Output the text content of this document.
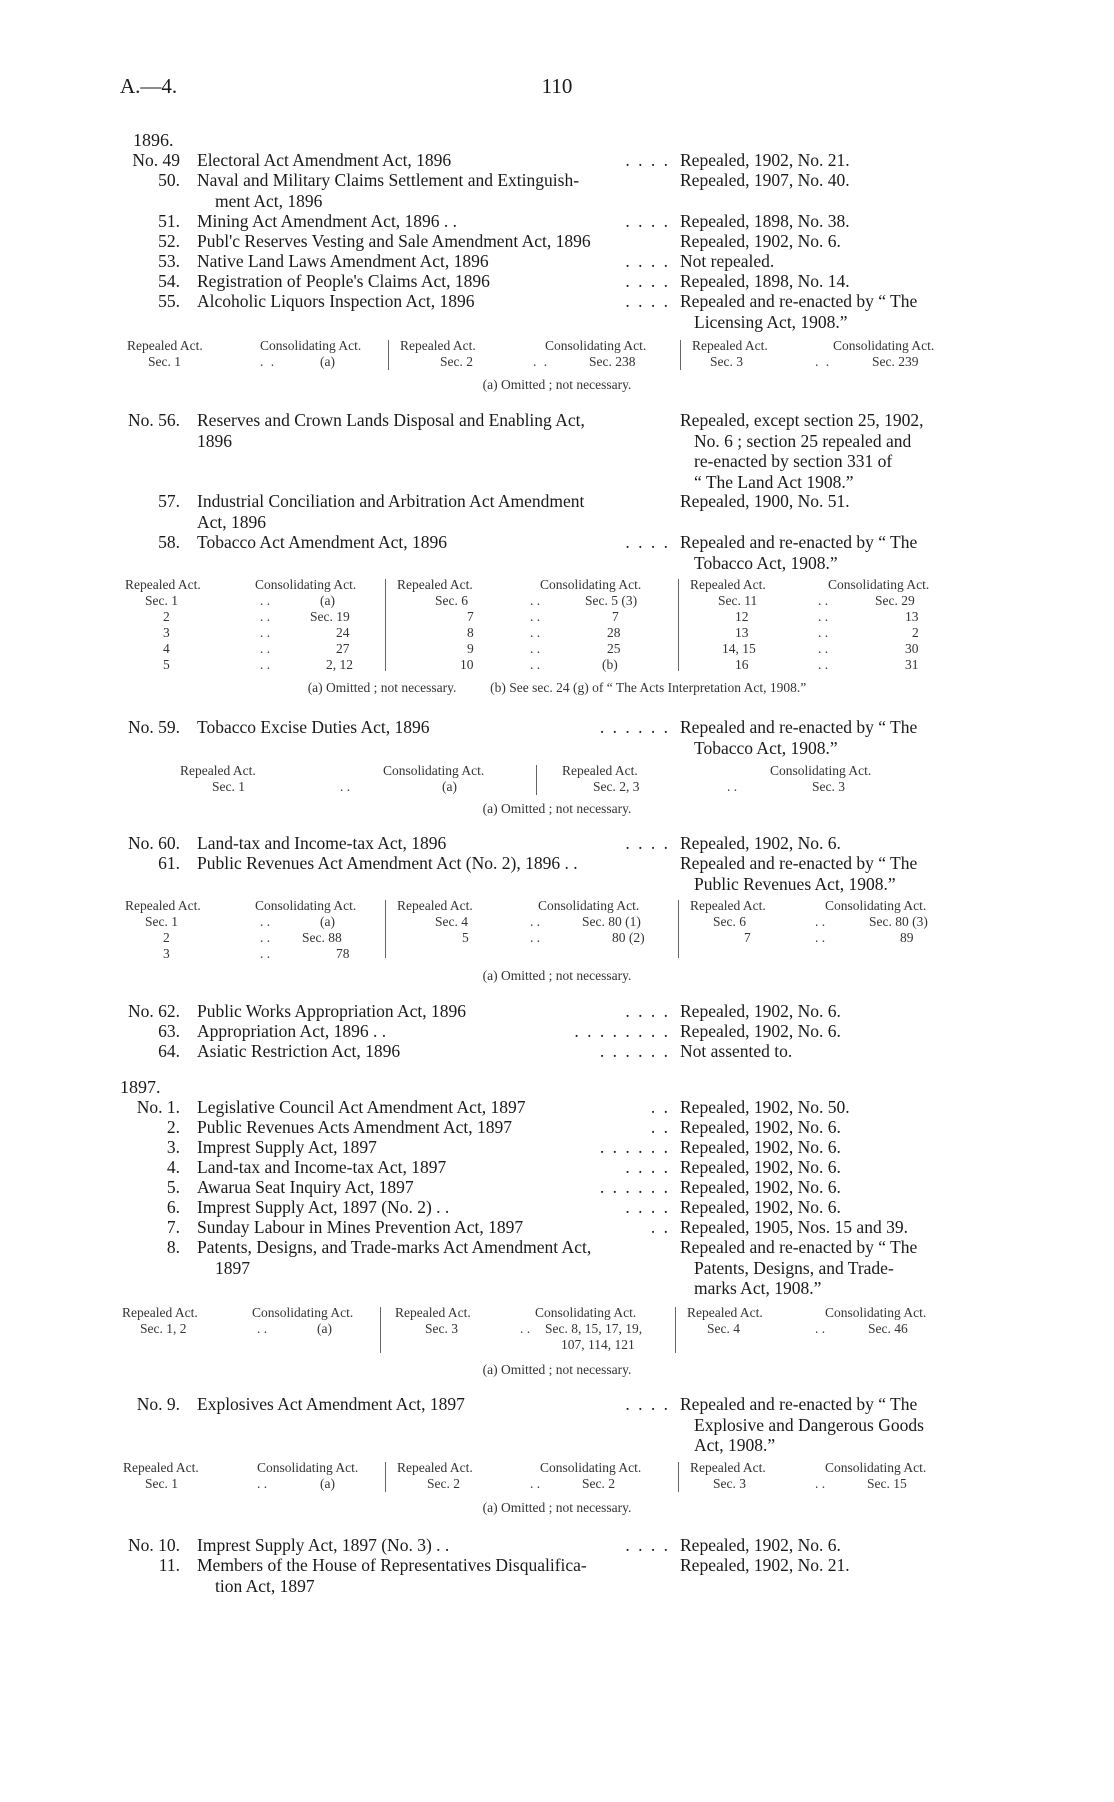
A.—4.	110
1896.
No. 49 Electoral Act Amendment Act, 1896	. . . . Repealed, 1902, No. 21.
50. Naval and Military Claims Settlement and Extinguish-
ment Act, 1896
Repealed, 1907, No. 40.
51. Mining Act Amendment Act, 1896 . .	. . . . Repealed, 1898, No. 38.
52. Publ'c Reserves Vesting and Sale Amendment Act, 1896	Repealed, 1902, No. 6.
53. Native Land Laws Amendment Act, 1896	. . . . Not repealed.
54. Registration of People's Claims Act, 1896	. . . . Repealed, 1898, No. 14.
55. Alcoholic Liquors Inspection Act, 1896	. . . . Repealed and re-enacted by “ The
Licensing Act, 1908.”
Repealed Act.	Consolidating Act.	Repealed Act.	Consolidating Act.	Repealed Act.	Consolidating Act.
Sec. 1	. .	(a)	Sec. 2	. .	Sec. 238	Sec. 3	. .	Sec. 239
(a) Omitted ; not necessary.
No. 56. Reserves and Crown Lands Disposal and Enabling Act,
1896
Repealed, except section 25, 1902,
No. 6 ; section 25 repealed and
re-enacted by section 331 of
“ The Land Act 1908.”
57. Industrial Conciliation and Arbitration Act Amendment
Act, 1896
Repealed, 1900, No. 51.
58. Tobacco Act Amendment Act, 1896	. . . . Repealed and re-enacted by “ The
Tobacco Act, 1908.”
Repealed Act.	Consolidating Act.	Repealed Act.	Consolidating Act.	Repealed Act.	Consolidating Act.
Sec. 1	. .	(a)	Sec. 6	. .	Sec. 5 (3)	Sec. 11	. .	Sec. 29
2	. .	Sec. 19	7	. .	7	12	. .	13
3	. .	24	8	. .	28	13	. .	2
4	. .	27	9	. .	25	14, 15	. .	30
5	. .	2, 12	10	. .	(b)	16	. .	31
(a) Omitted ; not necessary.          (b) See sec. 24 (g) of “ The Acts Interpretation Act, 1908.”
No. 59. Tobacco Excise Duties Act, 1896	. . . . . . Repealed and re-enacted by “ The
Tobacco Act, 1908.”
Repealed Act.	Consolidating Act.	Repealed Act.	Consolidating Act.
Sec. 1	. .	(a)	Sec. 2, 3	. .	Sec. 3
(a) Omitted ; not necessary.
No. 60. Land-tax and Income-tax Act, 1896	. . . . Repealed, 1902, No. 6.
61. Public Revenues Act Amendment Act (No. 2), 1896 . .	Repealed and re-enacted by “ The
Public Revenues Act, 1908.”
Repealed Act.	Consolidating Act.	Repealed Act.	Consolidating Act.	Repealed Act.	Consolidating Act.
Sec. 1	. .	(a)	Sec. 4	. .	Sec. 80 (1)	Sec. 6	. .	Sec. 80 (3)
2	. . Sec. 88	5	. .	80 (2)	7	. .	89
3	. .	78
(a) Omitted ; not necessary.
No. 62. Public Works Appropriation Act, 1896	. . . . Repealed, 1902, No. 6.
63. Appropriation Act, 1896 . .	. . . . . . . . Repealed, 1902, No. 6.
64. Asiatic Restriction Act, 1896	. . . . . . Not assented to.
1897.
No. 1. Legislative Council Act Amendment Act, 1897	. . Repealed, 1902, No. 50.
2. Public Revenues Acts Amendment Act, 1897	. . Repealed, 1902, No. 6.
3. Imprest Supply Act, 1897	. . . . . . Repealed, 1902, No. 6.
4. Land-tax and Income-tax Act, 1897	. . . . Repealed, 1902, No. 6.
5. Awarua Seat Inquiry Act, 1897	. . . . . . Repealed, 1902, No. 6.
6. Imprest Supply Act, 1897 (No. 2) . .	. . . . Repealed, 1902, No. 6.
7. Sunday Labour in Mines Prevention Act, 1897	. . Repealed, 1905, Nos. 15 and 39.
8. Patents, Designs, and Trade-marks Act Amendment Act,
1897
Repealed and re-enacted by “ The
Patents, Designs, and Trade-
marks Act, 1908.”
Repealed Act.	Consolidating Act.	Repealed Act.	Consolidating Act.	Repealed Act.	Consolidating Act.
Sec. 1, 2	. .	(a)	Sec. 3	. . Sec. 8, 15, 17, 19,	Sec. 4	. .	Sec. 46
107, 114, 121
(a) Omitted ; not necessary.
No. 9. Explosives Act Amendment Act, 1897	. . . . Repealed and re-enacted by “ The
Explosive and Dangerous Goods
Act, 1908.”
Repealed Act.	Consolidating Act.	Repealed Act.	Consolidating Act.	Repealed Act.	Consolidating Act.
Sec. 1	. .	(a)	Sec. 2	. .	Sec. 2	Sec. 3	. .	Sec. 15
(a) Omitted ; not necessary.
No. 10. Imprest Supply Act, 1897 (No. 3) . .	. . . . Repealed, 1902, No. 6.
11. Members of the House of Representatives Disqualifica-
tion Act, 1897
Repealed, 1902, No. 21.
